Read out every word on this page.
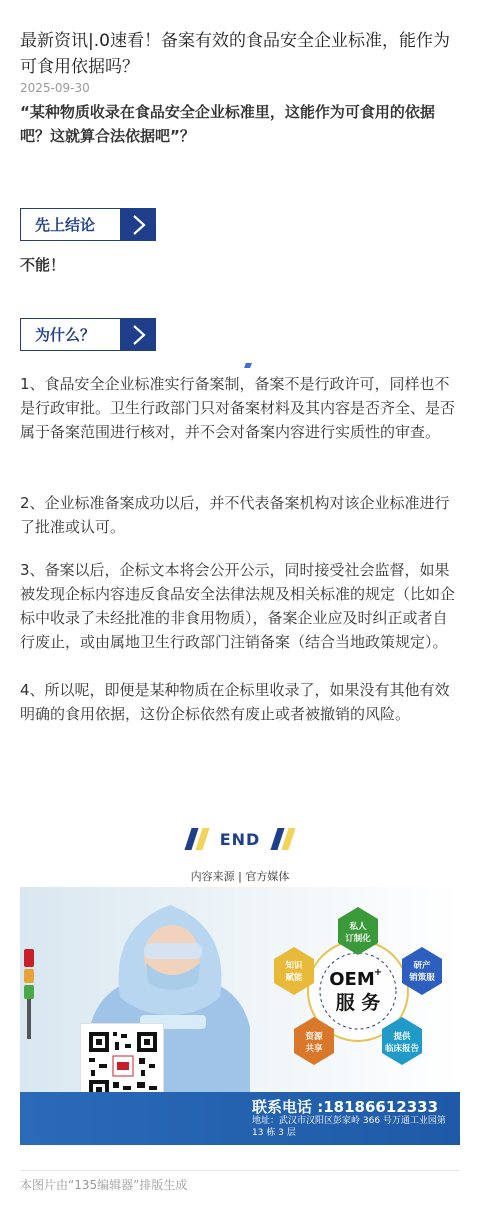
最新资讯|.0速看！备案有效的食品安全企业标准，能作为可食用依据吗？
2025-09-30
“某种物质收录在食品安全企业标准里，这能作为可食用的依据吧？这就算合法依据吧”？
先上结论
不能！
为什么？
1、食品安全企业标准实行备案制，备案不是行政许可，同样也不是行政审批。卫生行政部门只对备案材料及其内容是否齐全、是否属于备案范围进行核对，并不会对备案内容进行实质性的审查。
2、企业标准备案成功以后，并不代表备案机构对该企业标准进行了批准或认可。
3、备案以后，企标文本将会公开公示，同时接受社会监督，如果被发现企标内容违反食品安全法律法规及相关标准的规定（比如企标中收录了未经批准的非食用物质），备案企业应及时纠正或者自行废止，或由属地卫生行政部门注销备案（结合当地政策规定）。
4、所以呢，即便是某种物质在企标里收录了，如果没有其他有效明确的食用依据，这份企标依然有废止或者被撤销的风险。
END
内容来源 | 官方媒体
OEM +
服 务
私人
订制化
研产
销策服
提供
临床报告
资源
共享
知识
赋能
联系电话 :18186612333
地址：武汉市汉阳区彭家岭 366 号万通工业园第 13 栋 3 层
本图片由“135编辑器”排版生成
